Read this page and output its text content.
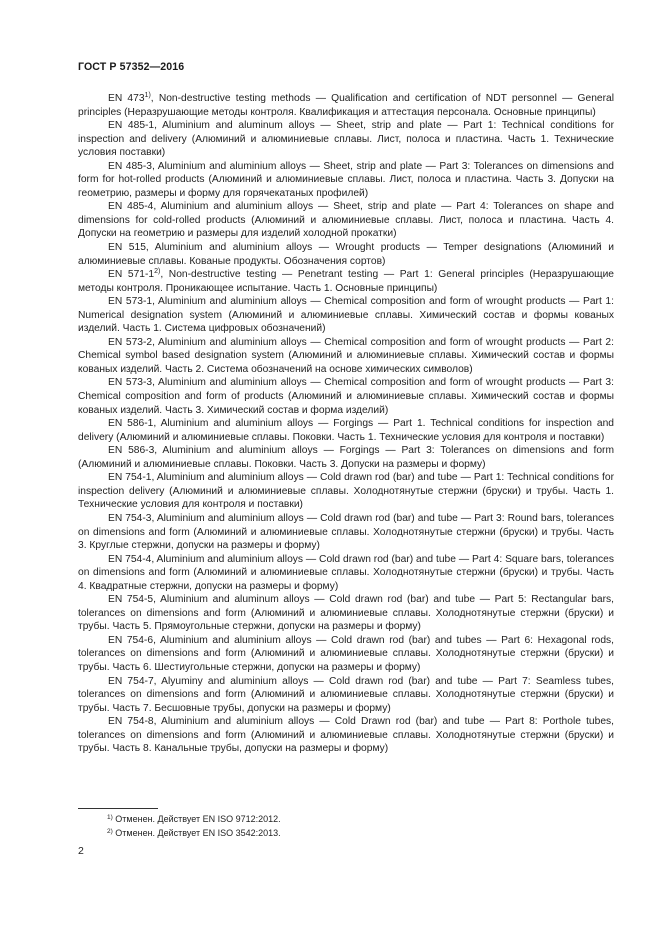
ГОСТ Р 57352—2016

EN 473$^{1)}$, Non-destructive testing methods — Qualification and certification of NDT personnel — General principles (Неразрушающие методы контроля. Квалификация и аттестация персонала. Основные принципы)

EN 485-1, Aluminium and aluminum alloys — Sheet, strip and plate — Part 1: Technical conditions for inspection and delivery (Алюминий и алюминиевые сплавы. Лист, полоса и пластина. Часть 1. Технические условия поставки)

EN 485-3, Aluminium and aluminium alloys — Sheet, strip and plate — Part 3: Tolerances on dimensions and form for hot-rolled products (Алюминий и алюминиевые сплавы. Лист, полоса и пластина. Часть 3. Допуски на геометрию, размеры и форму для горячекатаных профилей)

EN 485-4, Aluminium and aluminium alloys — Sheet, strip and plate — Part 4: Tolerances on shape and dimensions for cold-rolled products (Алюминий и алюминиевые сплавы. Лист, полоса и пластина. Часть 4. Допуски на геометрию и размеры для изделий холодной прокатки)

EN 515, Aluminium and aluminium alloys — Wrought products — Temper designations (Алюминий и алюминиевые сплавы. Кованые продукты. Обозначения сортов)

EN 571-1$^{2)}$, Non-destructive testing — Penetrant testing — Part 1: General principles (Неразрушающие методы контроля. Проникающее испытание. Часть 1. Основные принципы)

EN 573-1, Aluminium and aluminium alloys — Chemical composition and form of wrought products — Part 1: Numerical designation system (Алюминий и алюминиевые сплавы. Химический состав и формы кованых изделий. Часть 1. Система цифровых обозначений)

EN 573-2, Aluminium and aluminium alloys — Chemical composition and form of wrought products — Part 2: Chemical symbol based designation system (Алюминий и алюминиевые сплавы. Химический состав и формы кованых изделий. Часть 2. Система обозначений на основе химических символов)

EN 573-3, Aluminium and aluminium alloys — Chemical composition and form of wrought products — Part 3: Chemical composition and form of products (Алюминий и алюминиевые сплавы. Химический состав и формы кованых изделий. Часть 3. Химический состав и форма изделий)

EN 586-1, Aluminium and aluminium alloys — Forgings — Part 1. Technical conditions for inspection and delivery (Алюминий и алюминиевые сплавы. Поковки. Часть 1. Технические условия для контроля и поставки)

EN 586-3, Aluminium and aluminium alloys — Forgings — Part 3: Tolerances on dimensions and form (Алюминий и алюминиевые сплавы. Поковки. Часть 3. Допуски на размеры и форму)

EN 754-1, Aluminium and aluminium alloys — Cold drawn rod (bar) and tube — Part 1: Technical conditions for inspection delivery (Алюминий и алюминиевые сплавы. Холоднотянутые стержни (бруски) и трубы. Часть 1. Технические условия для контроля и поставки)

EN 754-3, Aluminium and aluminium alloys — Cold drawn rod (bar) and tube — Part 3: Round bars, tolerances on dimensions and form (Алюминий и алюминиевые сплавы. Холоднотянутые стержни (бруски) и трубы. Часть 3. Круглые стержни, допуски на размеры и форму)

EN 754-4, Aluminium and aluminium alloys — Cold drawn rod (bar) and tube — Part 4: Square bars, tolerances on dimensions and form (Алюминий и алюминиевые сплавы. Холоднотянутые стержни (бруски) и трубы. Часть 4. Квадратные стержни, допуски на размеры и форму)

EN 754-5, Aluminium and aluminum alloys — Cold drawn rod (bar) and tube — Part 5: Rectangular bars, tolerances on dimensions and form (Алюминий и алюминиевые сплавы. Холоднотянутые стержни (бруски) и трубы. Часть 5. Прямоугольные стержни, допуски на размеры и форму)

EN 754-6, Aluminium and aluminium alloys — Cold drawn rod (bar) and tubes — Part 6: Hexagonal rods, tolerances on dimensions and form (Алюминий и алюминиевые сплавы. Холоднотянутые стержни (бруски) и трубы. Часть 6. Шестиугольные стержни, допуски на размеры и форму)

EN 754-7, Alyuminy and aluminium alloys — Cold drawn rod (bar) and tube — Part 7: Seamless tubes, tolerances on dimensions and form (Алюминий и алюминиевые сплавы. Холоднотянутые стержни (бруски) и трубы. Часть 7. Бесшовные трубы, допуски на размеры и форму)

EN 754-8, Aluminium and aluminium alloys — Cold Drawn rod (bar) and tube — Part 8: Porthole tubes, tolerances on dimensions and form (Алюминий и алюминиевые сплавы. Холоднотянутые стержни (бруски) и трубы. Часть 8. Канальные трубы, допуски на размеры и форму)

$^{1)}$ Отменен. Действует EN ISO 9712:2012.
$^{2)}$ Отменен. Действует EN ISO 3542:2013.
2
